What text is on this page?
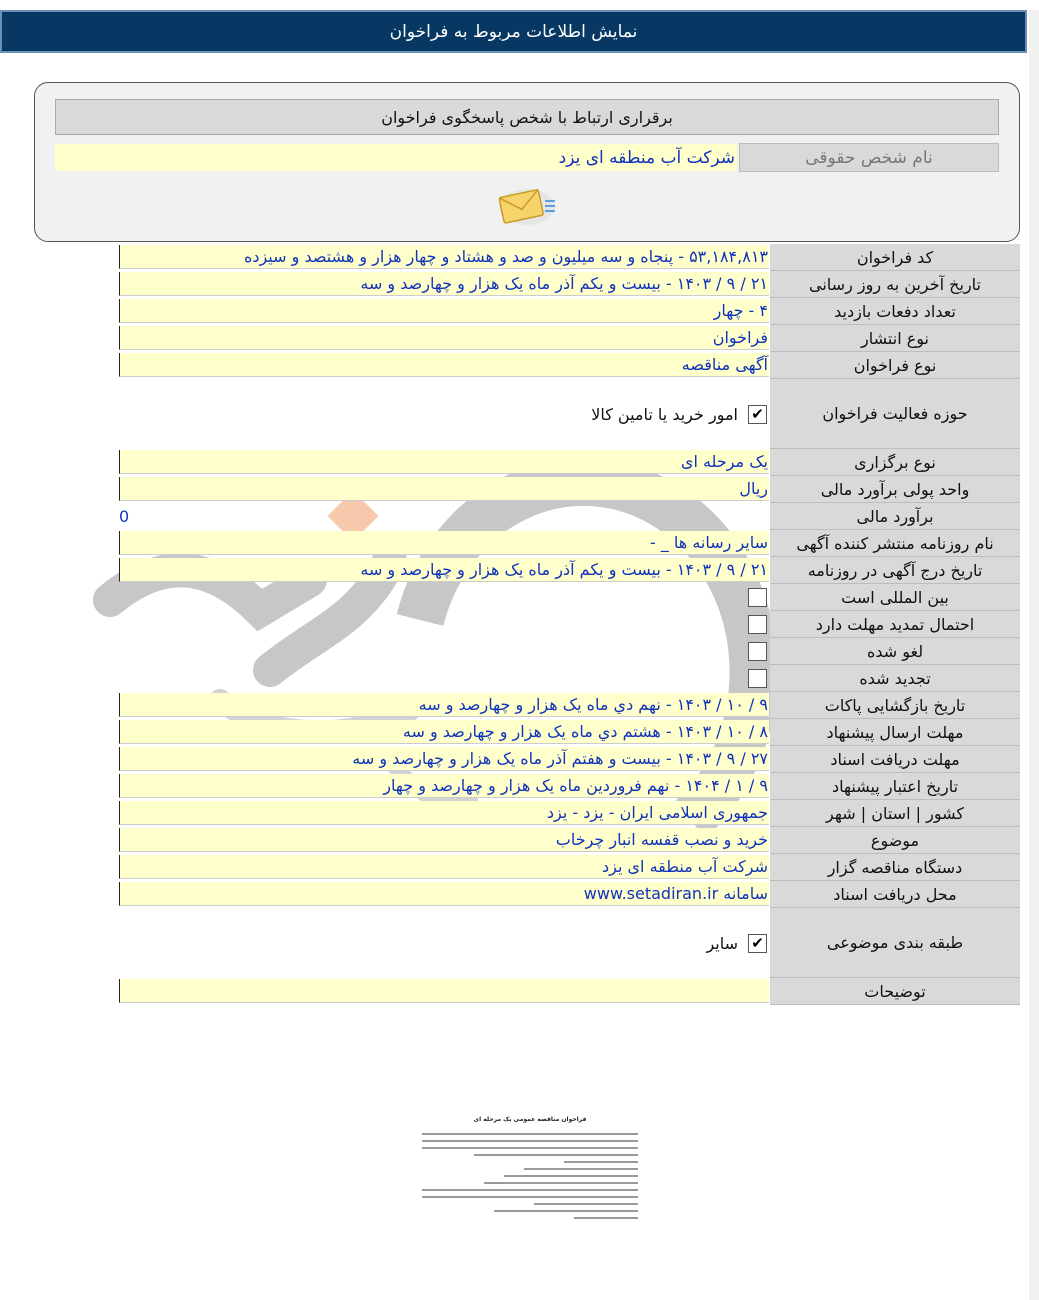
نمایش اطلاعات مربوط به فراخوان
برقراری ارتباط با شخص پاسخگوی فراخوان
نام شخص حقوقی
شرکت آب منطقه ای یزد
کد فراخوان
۵۳,۱۸۴,۸۱۳ - پنجاه و سه میلیون و صد و هشتاد و چهار هزار و هشتصد و سیزده
تاریخ آخرین به روز رسانی
۲۱ / ۹ / ۱۴۰۳ - بیست و یکم آذر ماه یک هزار و چهارصد و سه
تعداد دفعات بازدید
۴ - چهار
نوع انتشار
فراخوان
نوع فراخوان
آگهی مناقصه
حوزه فعالیت فراخوان
✔
امور خرید یا تامین کالا
نوع برگزاری
یک مرحله ای
واحد پولی برآورد مالی
ریال
برآورد مالی
0
نام روزنامه منتشر کننده آگهی
سایر رسانه ها _ -
تاریخ درج آگهی در روزنامه
۲۱ / ۹ / ۱۴۰۳ - بیست و یکم آذر ماه یک هزار و چهارصد و سه
بین المللی است
احتمال تمدید مهلت دارد
لغو شده
تجدید شده
تاریخ بازگشایی پاکات
۹ / ۱۰ / ۱۴۰۳ - نهم دي ماه یک هزار و چهارصد و سه
مهلت ارسال پیشنهاد
۸ / ۱۰ / ۱۴۰۳ - هشتم دي ماه یک هزار و چهارصد و سه
مهلت دریافت اسناد
۲۷ / ۹ / ۱۴۰۳ - بیست و هفتم آذر ماه یک هزار و چهارصد و سه
تاریخ اعتبار پیشنهاد
۹ / ۱ / ۱۴۰۴ - نهم فروردین ماه یک هزار و چهارصد و چهار
کشور | استان | شهر
جمهوری اسلامی ایران - یزد - یزد
موضوع
خرید و نصب قفسه انبار چرخاب
دستگاه مناقصه گزار
شرکت آب منطقه ای یزد
محل دریافت اسناد
سامانه www.setadiran.ir
طبقه بندی موضوعی
✔
سایر
توضیحات
فراخوان مناقصه عمومی یک مرحله ای
